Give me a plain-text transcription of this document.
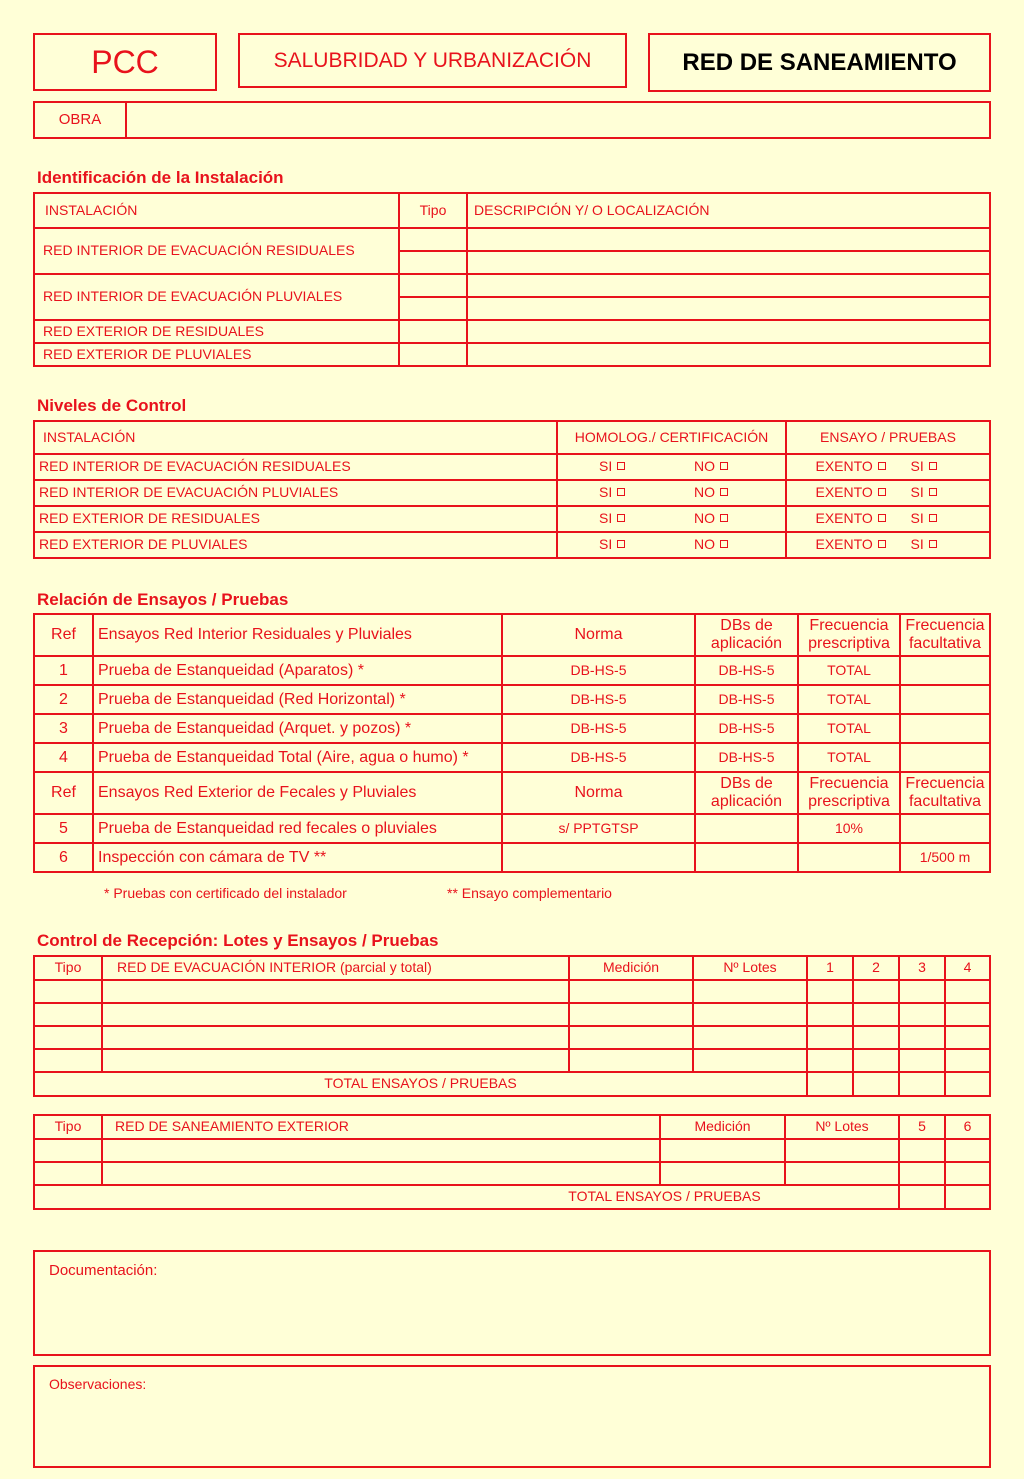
PCC	SALUBRIDAD Y URBANIZACIÓN	RED DE SANEAMIENTO
OBRA	
Identificación de la Instalación
INSTALACIÓN	Tipo	DESCRIPCIÓN Y/ O LOCALIZACIÓN
RED INTERIOR DE EVACUACIÓN RESIDUALES		

RED INTERIOR DE EVACUACIÓN PLUVIALES		

RED EXTERIOR DE RESIDUALES		
RED EXTERIOR DE PLUVIALES		
Niveles de Control
INSTALACIÓN	HOMOLOG./ CERTIFICACIÓN	ENSAYO / PRUEBAS
RED INTERIOR DE EVACUACIÓN RESIDUALES	SI NO	EXENTO SI

RED INTERIOR DE EVACUACIÓN PLUVIALES	SI NO	EXENTO SI

RED EXTERIOR DE RESIDUALES	SI NO	EXENTO SI

RED EXTERIOR DE PLUVIALES	SI NO	EXENTO SI
Relación de Ensayos / Pruebas
Ref	Ensayos Red Interior Residuales y Pluviales	Norma	DBs de aplicación	Frecuencia prescriptiva	Frecuencia facultativa
1	Prueba de Estanqueidad (Aparatos) *	DB-HS-5	DB-HS-5	TOTAL	
2	Prueba de Estanqueidad (Red Horizontal) *	DB-HS-5	DB-HS-5	TOTAL	
3	Prueba de Estanqueidad (Arquet. y pozos) *	DB-HS-5	DB-HS-5	TOTAL	
4	Prueba de Estanqueidad Total (Aire, agua o humo) *	DB-HS-5	DB-HS-5	TOTAL	
Ref	Ensayos Red Exterior de Fecales y Pluviales	Norma	DBs de aplicación	Frecuencia prescriptiva	Frecuencia facultativa
5	Prueba de Estanqueidad red fecales o pluviales	s/ PPTGTSP		10%	
6	Inspección con cámara de TV **				1/500 m
* Pruebas con certificado del instalador	** Ensayo complementario
Control de Recepción: Lotes y Ensayos / Pruebas
Tipo	RED DE EVACUACIÓN INTERIOR (parcial y total)	Medición	Nº Lotes	1	2	3	4

TOTAL ENSAYOS / PRUEBAS							
Tipo	RED DE SANEAMIENTO EXTERIOR	Medición	Nº Lotes	5	6

TOTAL ENSAYOS / PRUEBAS					
Documentación:
Observaciones:
